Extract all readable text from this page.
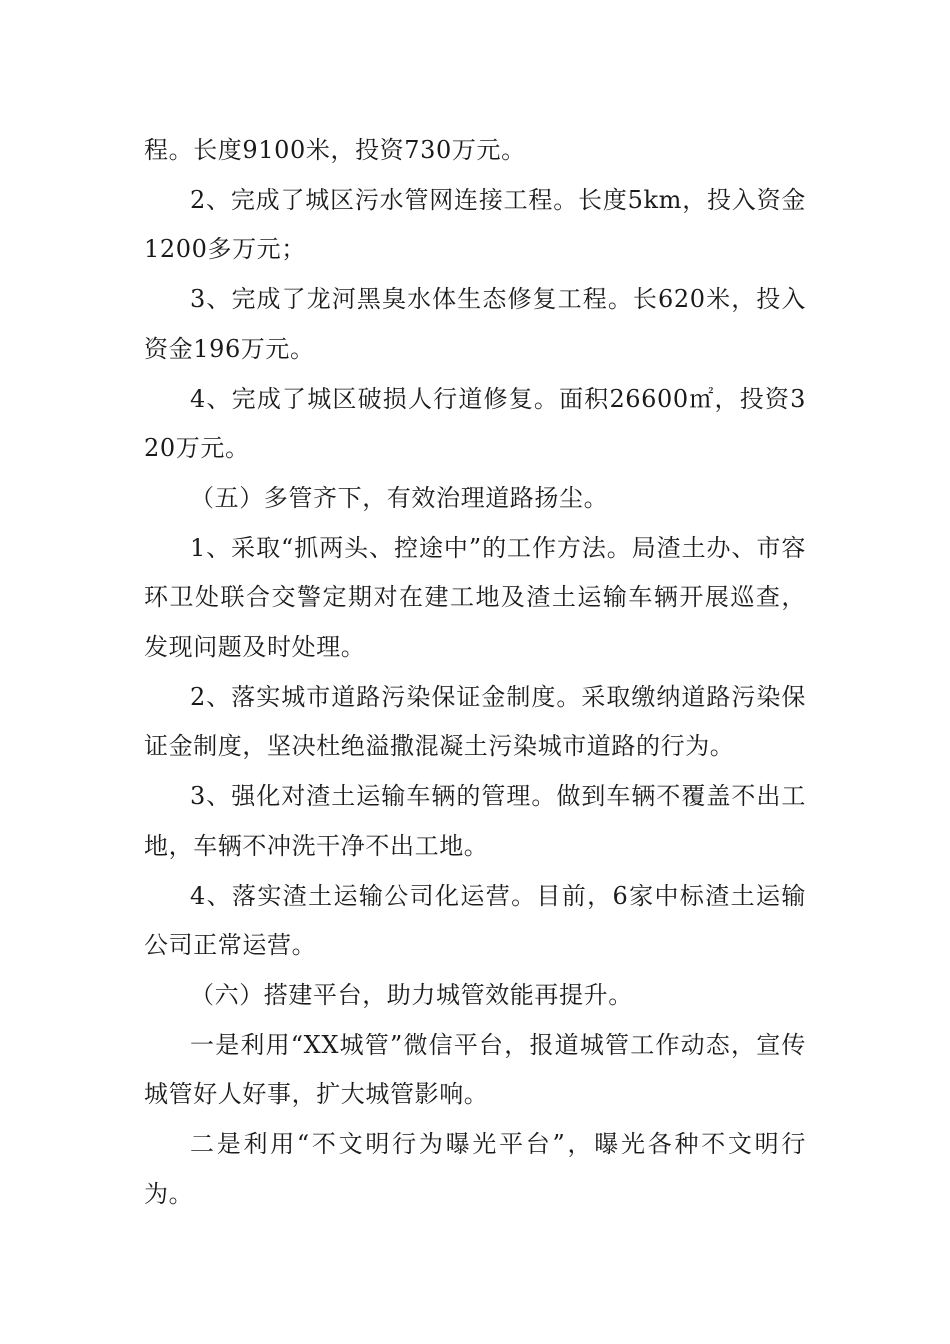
程。长度9100米，投资730万元。

2、完成了城区污水管网连接工程。长度5km，投入资金1200多万元；

3、完成了龙河黑臭水体生态修复工程。长620米，投入资金196万元。

4、完成了城区破损人行道修复。面积26600㎡，投资320万元。

（五）多管齐下，有效治理道路扬尘。

1、采取“抓两头、控途中”的工作方法。局渣土办、市容环卫处联合交警定期对在建工地及渣土运输车辆开展巡查，发现问题及时处理。

2、落实城市道路污染保证金制度。采取缴纳道路污染保证金制度，坚决杜绝溢撒混凝土污染城市道路的行为。

3、强化对渣土运输车辆的管理。做到车辆不覆盖不出工地，车辆不冲洗干净不出工地。

4、落实渣土运输公司化运营。目前，6家中标渣土运输公司正常运营。

（六）搭建平台，助力城管效能再提升。

一是利用“XX城管”微信平台，报道城管工作动态，宣传城管好人好事，扩大城管影响。

二是利用“不文明行为曝光平台”，曝光各种不文明行为。
